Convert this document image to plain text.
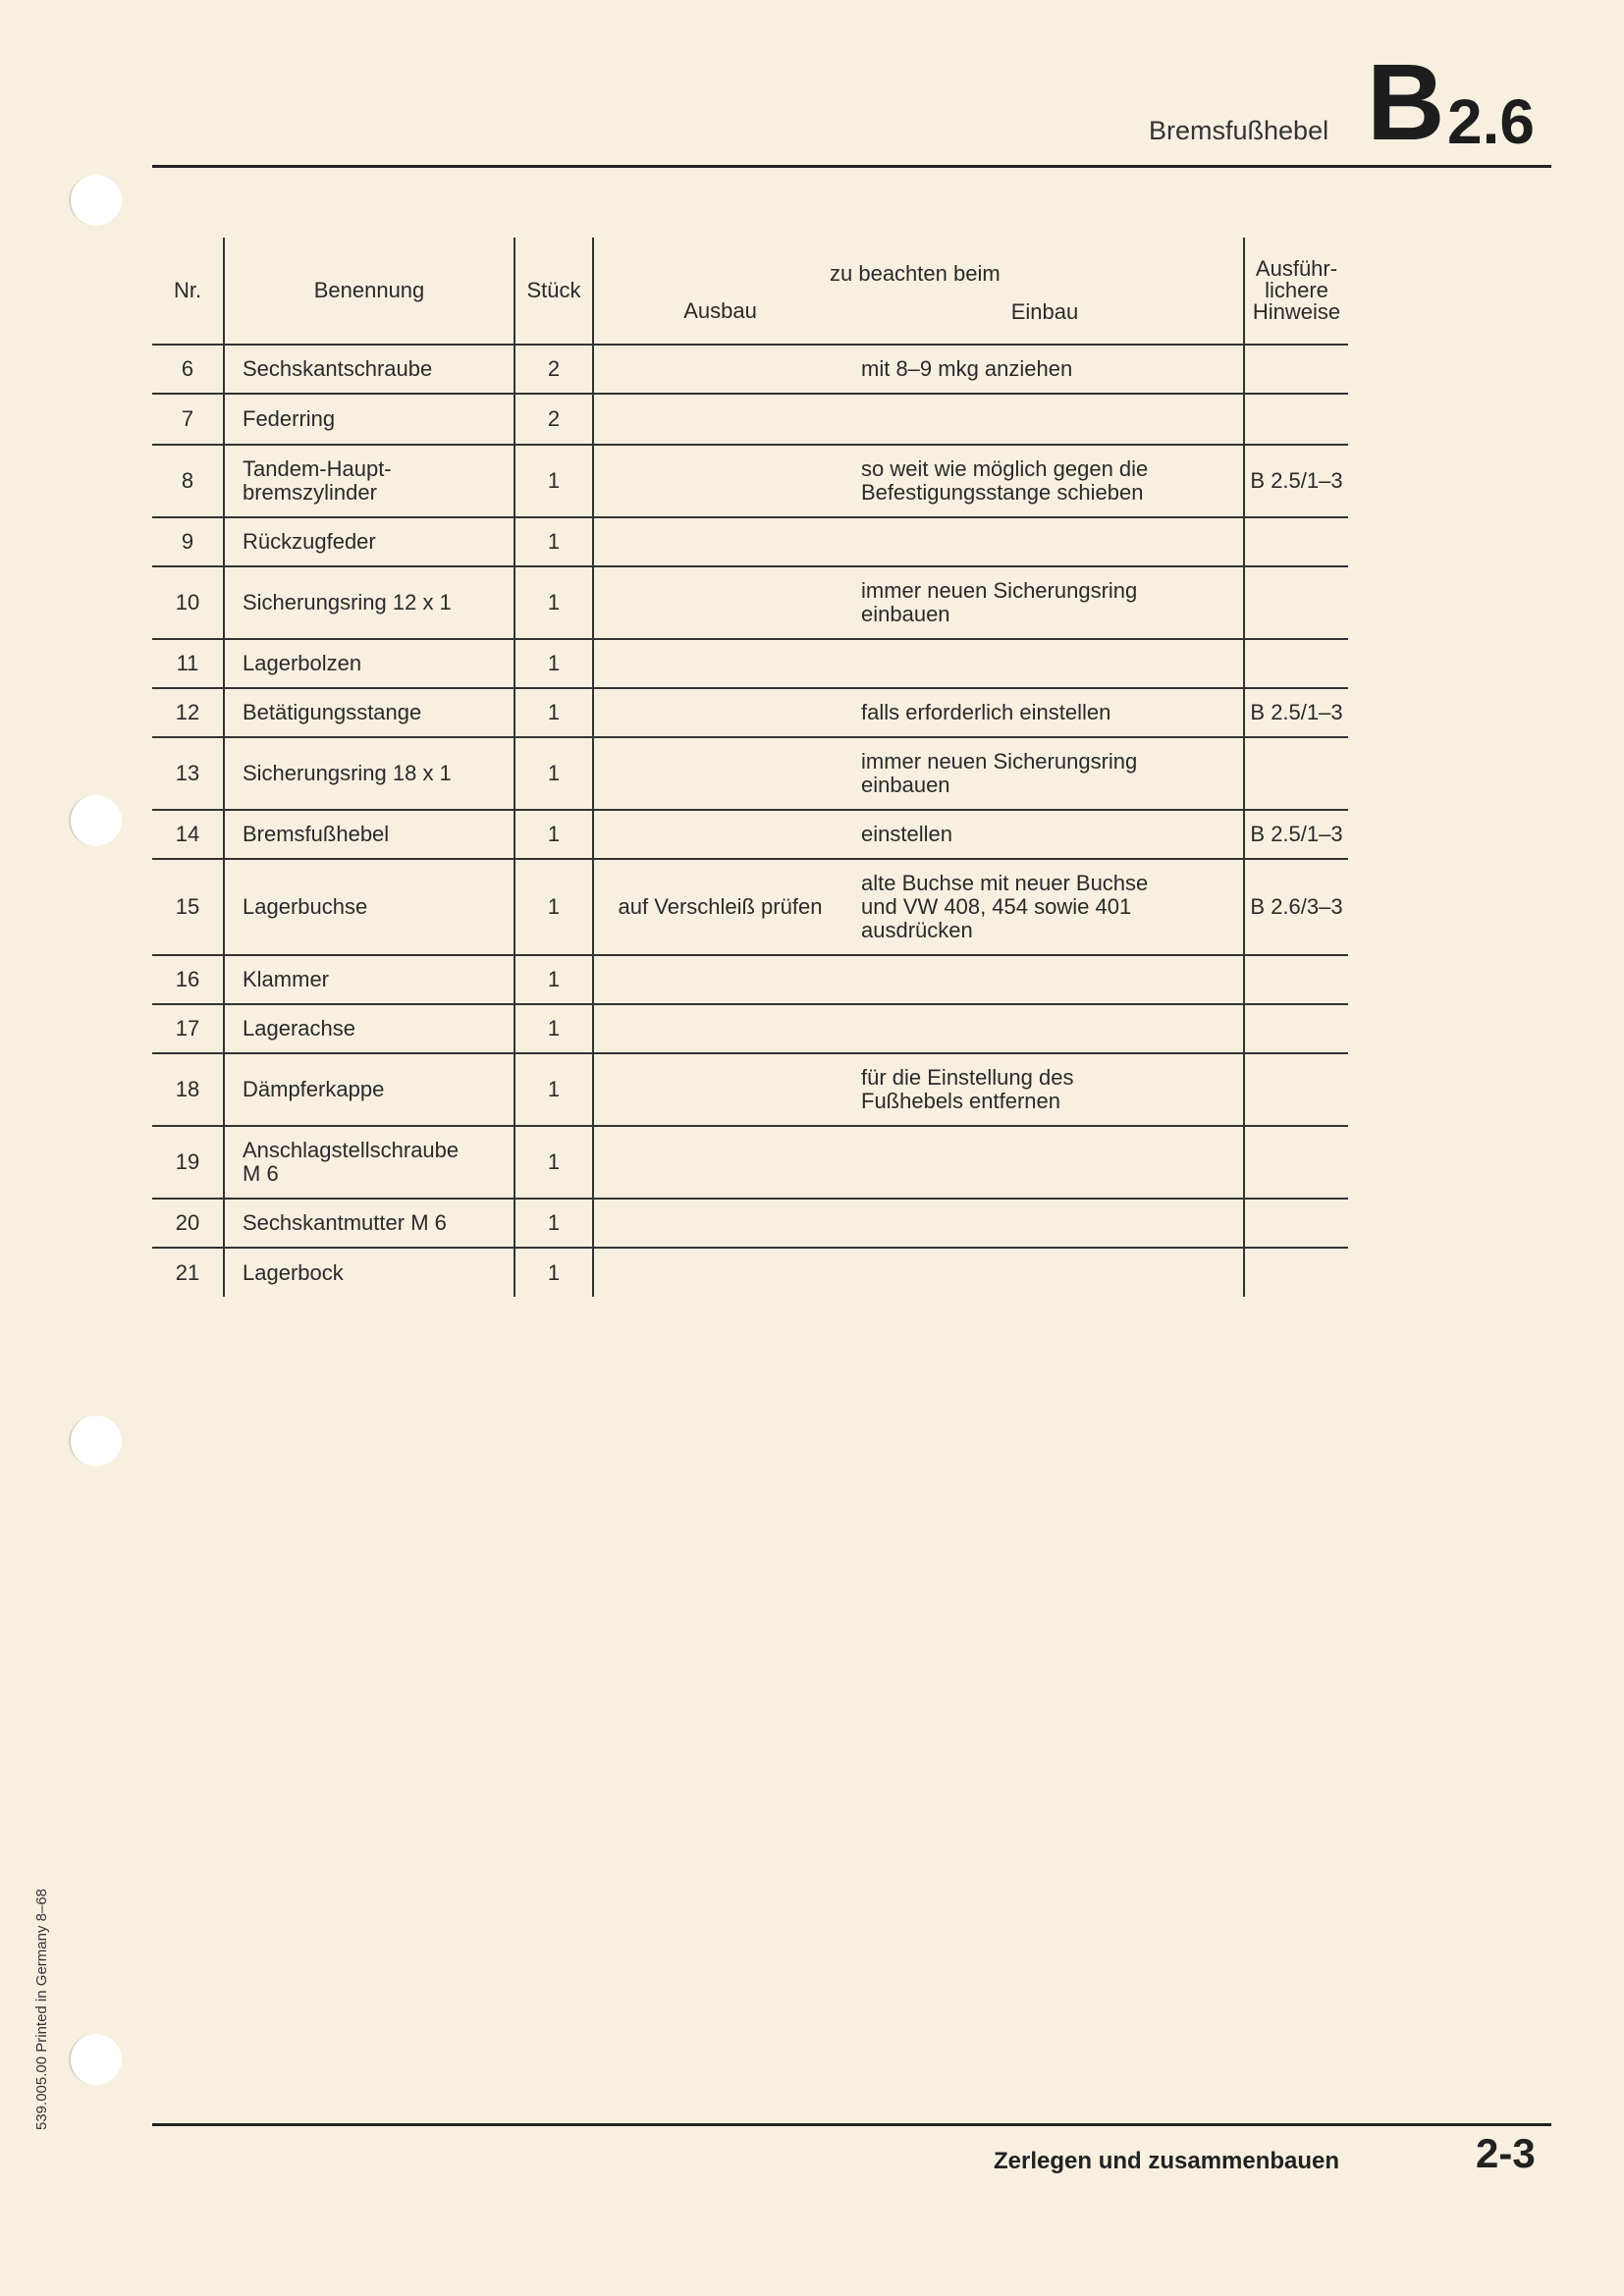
Bremsfußhebel B 2.6
zu beachten beim
Nr.	Benennung	Stück	Ausbau	Einbau	Ausführ-
lichere
Hinweise

6	Sechskantschraube	2		mit 8–9 mkg anziehen	
7	Federring	2			
8	Tandem-Haupt-
bremszylinder	1		so weit wie möglich gegen die
Befestigungsstange schieben	B 2.5/1–3
9	Rückzugfeder	1			
10	Sicherungsring 12 x 1	1		immer neuen Sicherungsring
einbauen	
11	Lagerbolzen	1			
12	Betätigungsstange	1		falls erforderlich einstellen	B 2.5/1–3
13	Sicherungsring 18 x 1	1		immer neuen Sicherungsring
einbauen	
14	Bremsfußhebel	1		einstellen	B 2.5/1–3
15	Lagerbuchse	1	auf Verschleiß prüfen	alte Buchse mit neuer Buchse
und VW 408, 454 sowie 401
ausdrücken	B 2.6/3–3
16	Klammer	1			
17	Lagerachse	1			
18	Dämpferkappe	1		für die Einstellung des
Fußhebels entfernen	
19	Anschlagstellschraube
M 6	1			
20	Sechskantmutter M 6	1			
21	Lagerbock	1			
539.005.00 Printed in Germany 8–68
Zerlegen und zusammenbauen	2-3
